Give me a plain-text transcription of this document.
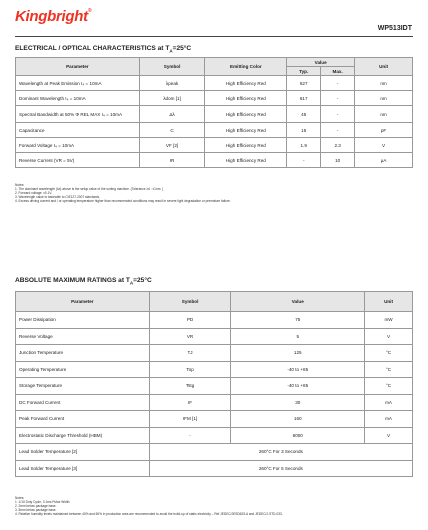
Kingbright®
WP513IDT
ELECTRICAL / OPTICAL CHARACTERISTICS at $T_A=25^\circ C$
Parameter	Symbol	Emitting Color	Value		Unit
			Typ.	Max.	
Wavelength at Peak Emission I₄ = 10mA	λpeak	High Efficiency Red	627	-	nm
Dominant Wavelength I₄ = 10mA	λdom [1]	High Efficiency Red	617	-	nm
Spectral Bandwidth at 50% Φ REL MAX I₄ = 10mA	Δλ	High Efficiency Red	45	-	nm
Capacitance	C	High Efficiency Red	15	-	pF
Forward Voltage I₄ = 10mA	VF [2]	High Efficiency Red	1.9	2.3	V
Reverse Current (VR = 5V)	IR	High Efficiency Red	-	10	μA
Notes:
1. The dominant wavelength (λd) above is the setup value of the sorting machine. (Tolerance λd : ±1nm. )
2. Forward voltage: ±0.1V.
3. Wavelength value is traceable to CIE127-2007 standards.
4. Excess driving current and / or operating temperature higher than recommended conditions may result in severe light degradation or premature failure.
ABSOLUTE MAXIMUM RATINGS at $T_A=25^\circ C$
Parameter	Symbol	Value	Unit
Power Dissipation	PD	75	mW
Reverse Voltage	VR	5	V
Junction Temperature	TJ	125	°C
Operating Temperature	Top	-40 to +85	°C
Storage Temperature	Tstg	-40 to +85	°C
DC Forward Current	IF	30	mA
Peak Forward Current	IFM [1]	160	mA
Electrostatic Discharge Threshold (HBM)	-	8000	V
Lead Solder Temperature [2]	260°C For 3 Seconds		
Lead Solder Temperature [3]	260°C For 5 Seconds		
Notes:
1. 1/10 Duty Cycle, 0.1ms Pulse Width.
2. 2mm below package base.
3. 5mm below package base.
4. Relative humidity levels maintained between 40% and 60% in production area are recommended to avoid the build-up of static electricity – Ref JEDEC/JESD625-A and JEDEC/J-STD-033.
